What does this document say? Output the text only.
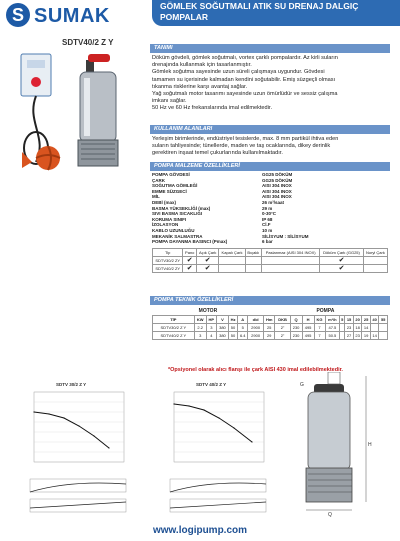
S SUMAK	GÖMLEK SOĞUTMALI ATIK SU DRENAJ DALGIÇ POMPALAR
SDTV40/2 Z Y
TANIMI
Döküm gövdeli, gömlek soğutmalı, vortex çarklı pompalardır. Az kirli suların
drenajında kullanmak için tasarlanmıştır.
Gömlek soğutma sayesinde uzun süreli çalışmaya uygundur. Gövdesi
tamamen su içerisinde kalmadan kendini soğutabilir. Emiş süzgeçli olması
tıkanma risklerine karşı avantaj sağlar.
Yağ soğutmalı motor tasarımı sayesinde uzun ömürlüdür ve sessiz çalışma
imkanı sağlar.
50 Hz ve 60 Hz frekanslarında imal edilmektedir.
KULLANIM ALANLARI
Yerleşim birimlerinde, endüstriyel tesislerde, max. 8 mm partikül ihtiva eden
suların tahliyesinde; tünellerde, maden ve taş ocaklarında, dikey derinlik
gerektiren inşaat temel çukurlarında kullanılmaktadır.
POMPA MALZEME ÖZELLİKLERİ
POMPA GÖVDESİ	GG25 DÖKÜM
ÇARK	GG25 DÖKÜM
SOĞUTMA GÖMLEĞİ	AISI 304 INOX
EMME SÜZGECİ	AISI 304 INOX
MİL	AISI 304 INOX
DEBİ (max)	26 m³/saat
BASMA YÜKSEKLİĞİ (max)	29 m
SIVI BASMA SICAKLIĞI	0-30°C
KORUMA SINIFI	IP 68
İZOLASYON	Cl.F
KABLO UZUNLUĞU	10 m
MEKANİK SALMASTRA	SİLİSYUM : SİLİSYUM
POMPA DAYANMA BASINCI (Pmax)	6 bar
Tip	Pano	Açık Çark	Kapalı Çark	Bıçaklı	Paslanmaz (AISI 304 INOX)	Döküm Çark (GG25)	Noryl Çark
SDTV30/2 ZY	✔	✔				✔	
SDTV40/2 ZY	✔	✔				✔	
POMPA TEKNİK ÖZELLİKLERİ
MOTOR							POMPA											
TİP	KW	HP	V	Hz	A	d/d	Hm	DKB	Q	H	KG	m³/h	5	15	20	25	40	55
SDTV30/2 Z Y	2.2	3	380	50	5	2900	25	2"	230	495	7	47.5		23	18	14		
SDTV40/2 Z Y	3	4	380	50	6.4	2900	29	2"	230	495	7	50.5		27	23	19	14	
*Opsiyonel olarak alıcı flanşı ile çark AISI 430 imal edilebilmektedir.
SDTV 30/2 Z Y	SDTV 40/2 Z Y
H
Q
G
www.logipump.com
